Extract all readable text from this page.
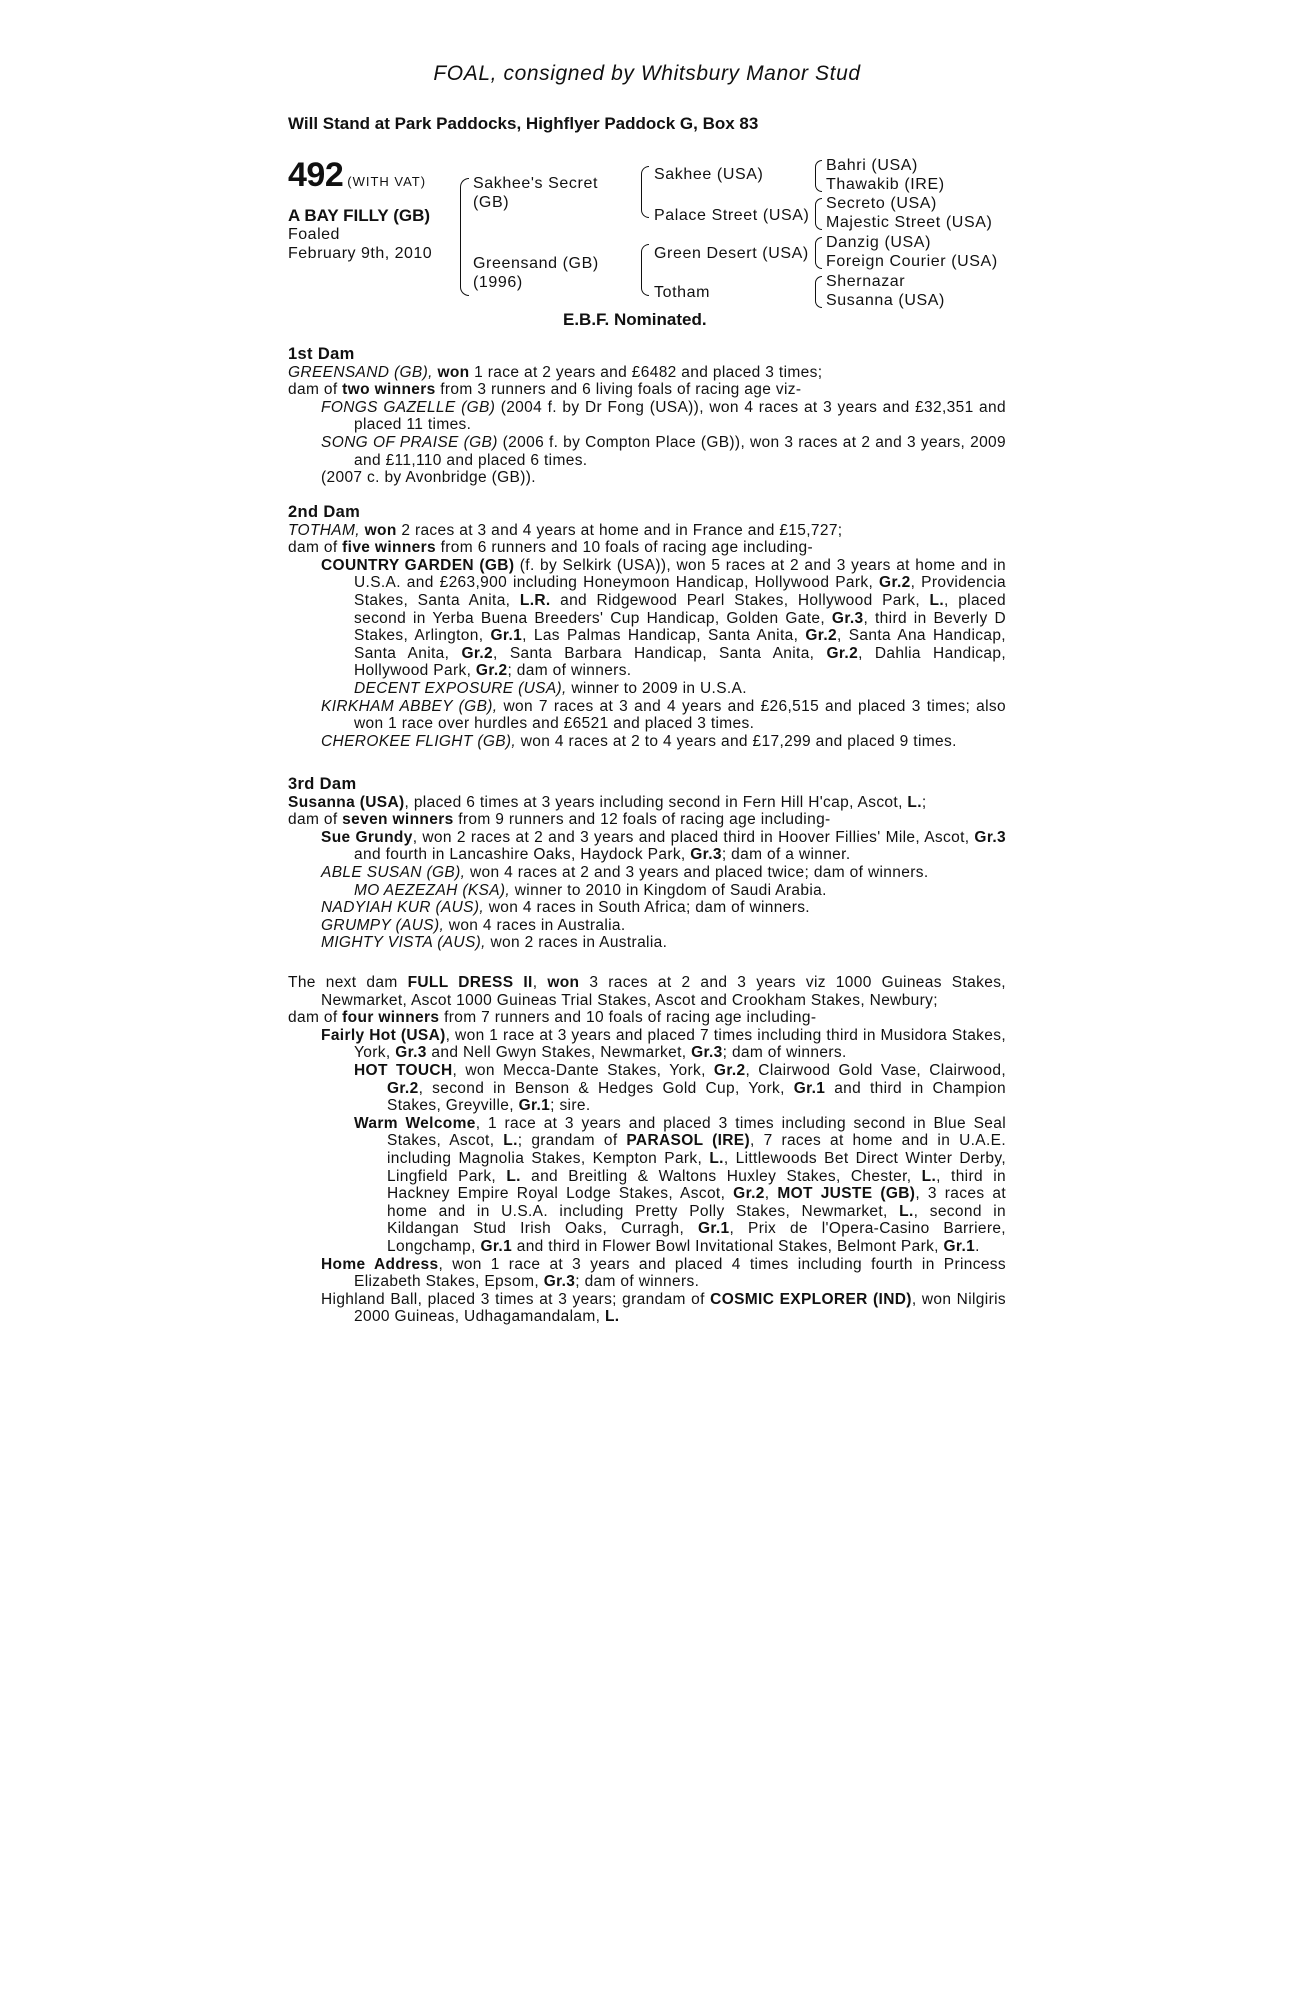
FOAL, consigned by Whitsbury Manor Stud
Will Stand at Park Paddocks, Highflyer Paddock G, Box 83
492 (WITH VAT)
A BAY FILLY (GB)
Foaled
February 9th, 2010
Sakhee's Secret
(GB)
Greensand (GB)
(1996)
Sakhee (USA)
Palace Street (USA)
Green Desert (USA)
Totham
Bahri (USA)
Thawakib (IRE)
Secreto (USA)
Majestic Street (USA)
Danzig (USA)
Foreign Courier (USA)
Shernazar
Susanna (USA)
E.B.F. Nominated.

1st Dam

GREENSAND (GB), won 1 race at 2 years and £6482 and placed 3 times;

dam of two winners from 3 runners and 6 living foals of racing age viz-

FONGS GAZELLE (GB) (2004 f. by Dr Fong (USA)), won 4 races at 3 years and £32,351 and placed 11 times.

SONG OF PRAISE (GB) (2006 f. by Compton Place (GB)), won 3 races at 2 and 3 years, 2009 and £11,110 and placed 6 times.

(2007 c. by Avonbridge (GB)).

2nd Dam

TOTHAM, won 2 races at 3 and 4 years at home and in France and £15,727;

dam of five winners from 6 runners and 10 foals of racing age including-

COUNTRY GARDEN (GB) (f. by Selkirk (USA)), won 5 races at 2 and 3 years at home and in U.S.A. and £263,900 including Honeymoon Handicap, Hollywood Park, Gr.2, Providencia Stakes, Santa Anita, L.R. and Ridgewood Pearl Stakes, Hollywood Park, L., placed second in Yerba Buena Breeders' Cup Handicap, Golden Gate, Gr.3, third in Beverly D Stakes, Arlington, Gr.1, Las Palmas Handicap, Santa Anita, Gr.2, Santa Ana Handicap, Santa Anita, Gr.2, Santa Barbara Handicap, Santa Anita, Gr.2, Dahlia Handicap, Hollywood Park, Gr.2; dam of winners.

DECENT EXPOSURE (USA), winner to 2009 in U.S.A.

KIRKHAM ABBEY (GB), won 7 races at 3 and 4 years and £26,515 and placed 3 times; also won 1 race over hurdles and £6521 and placed 3 times.

CHEROKEE FLIGHT (GB), won 4 races at 2 to 4 years and £17,299 and placed 9 times.

3rd Dam

Susanna (USA), placed 6 times at 3 years including second in Fern Hill H'cap, Ascot, L.;

dam of seven winners from 9 runners and 12 foals of racing age including-

Sue Grundy, won 2 races at 2 and 3 years and placed third in Hoover Fillies' Mile, Ascot, Gr.3 and fourth in Lancashire Oaks, Haydock Park, Gr.3; dam of a winner.

ABLE SUSAN (GB), won 4 races at 2 and 3 years and placed twice; dam of winners.

MO AEZEZAH (KSA), winner to 2010 in Kingdom of Saudi Arabia.

NADYIAH KUR (AUS), won 4 races in South Africa; dam of winners.

GRUMPY (AUS), won 4 races in Australia.

MIGHTY VISTA (AUS), won 2 races in Australia.

The next dam FULL DRESS II, won 3 races at 2 and 3 years viz 1000 Guineas Stakes, Newmarket, Ascot 1000 Guineas Trial Stakes, Ascot and Crookham Stakes, Newbury;

dam of four winners from 7 runners and 10 foals of racing age including-

Fairly Hot (USA), won 1 race at 3 years and placed 7 times including third in Musidora Stakes, York, Gr.3 and Nell Gwyn Stakes, Newmarket, Gr.3; dam of winners.

HOT TOUCH, won Mecca-Dante Stakes, York, Gr.2, Clairwood Gold Vase, Clairwood, Gr.2, second in Benson & Hedges Gold Cup, York, Gr.1 and third in Champion Stakes, Greyville, Gr.1; sire.

Warm Welcome, 1 race at 3 years and placed 3 times including second in Blue Seal Stakes, Ascot, L.; grandam of PARASOL (IRE), 7 races at home and in U.A.E. including Magnolia Stakes, Kempton Park, L., Littlewoods Bet Direct Winter Derby, Lingfield Park, L. and Breitling & Waltons Huxley Stakes, Chester, L., third in Hackney Empire Royal Lodge Stakes, Ascot, Gr.2, MOT JUSTE (GB), 3 races at home and in U.S.A. including Pretty Polly Stakes, Newmarket, L., second in Kildangan Stud Irish Oaks, Curragh, Gr.1, Prix de l'Opera-Casino Barriere, Longchamp, Gr.1 and third in Flower Bowl Invitational Stakes, Belmont Park, Gr.1.

Home Address, won 1 race at 3 years and placed 4 times including fourth in Princess Elizabeth Stakes, Epsom, Gr.3; dam of winners.

Highland Ball, placed 3 times at 3 years; grandam of COSMIC EXPLORER (IND), won Nilgiris 2000 Guineas, Udhagamandalam, L.
